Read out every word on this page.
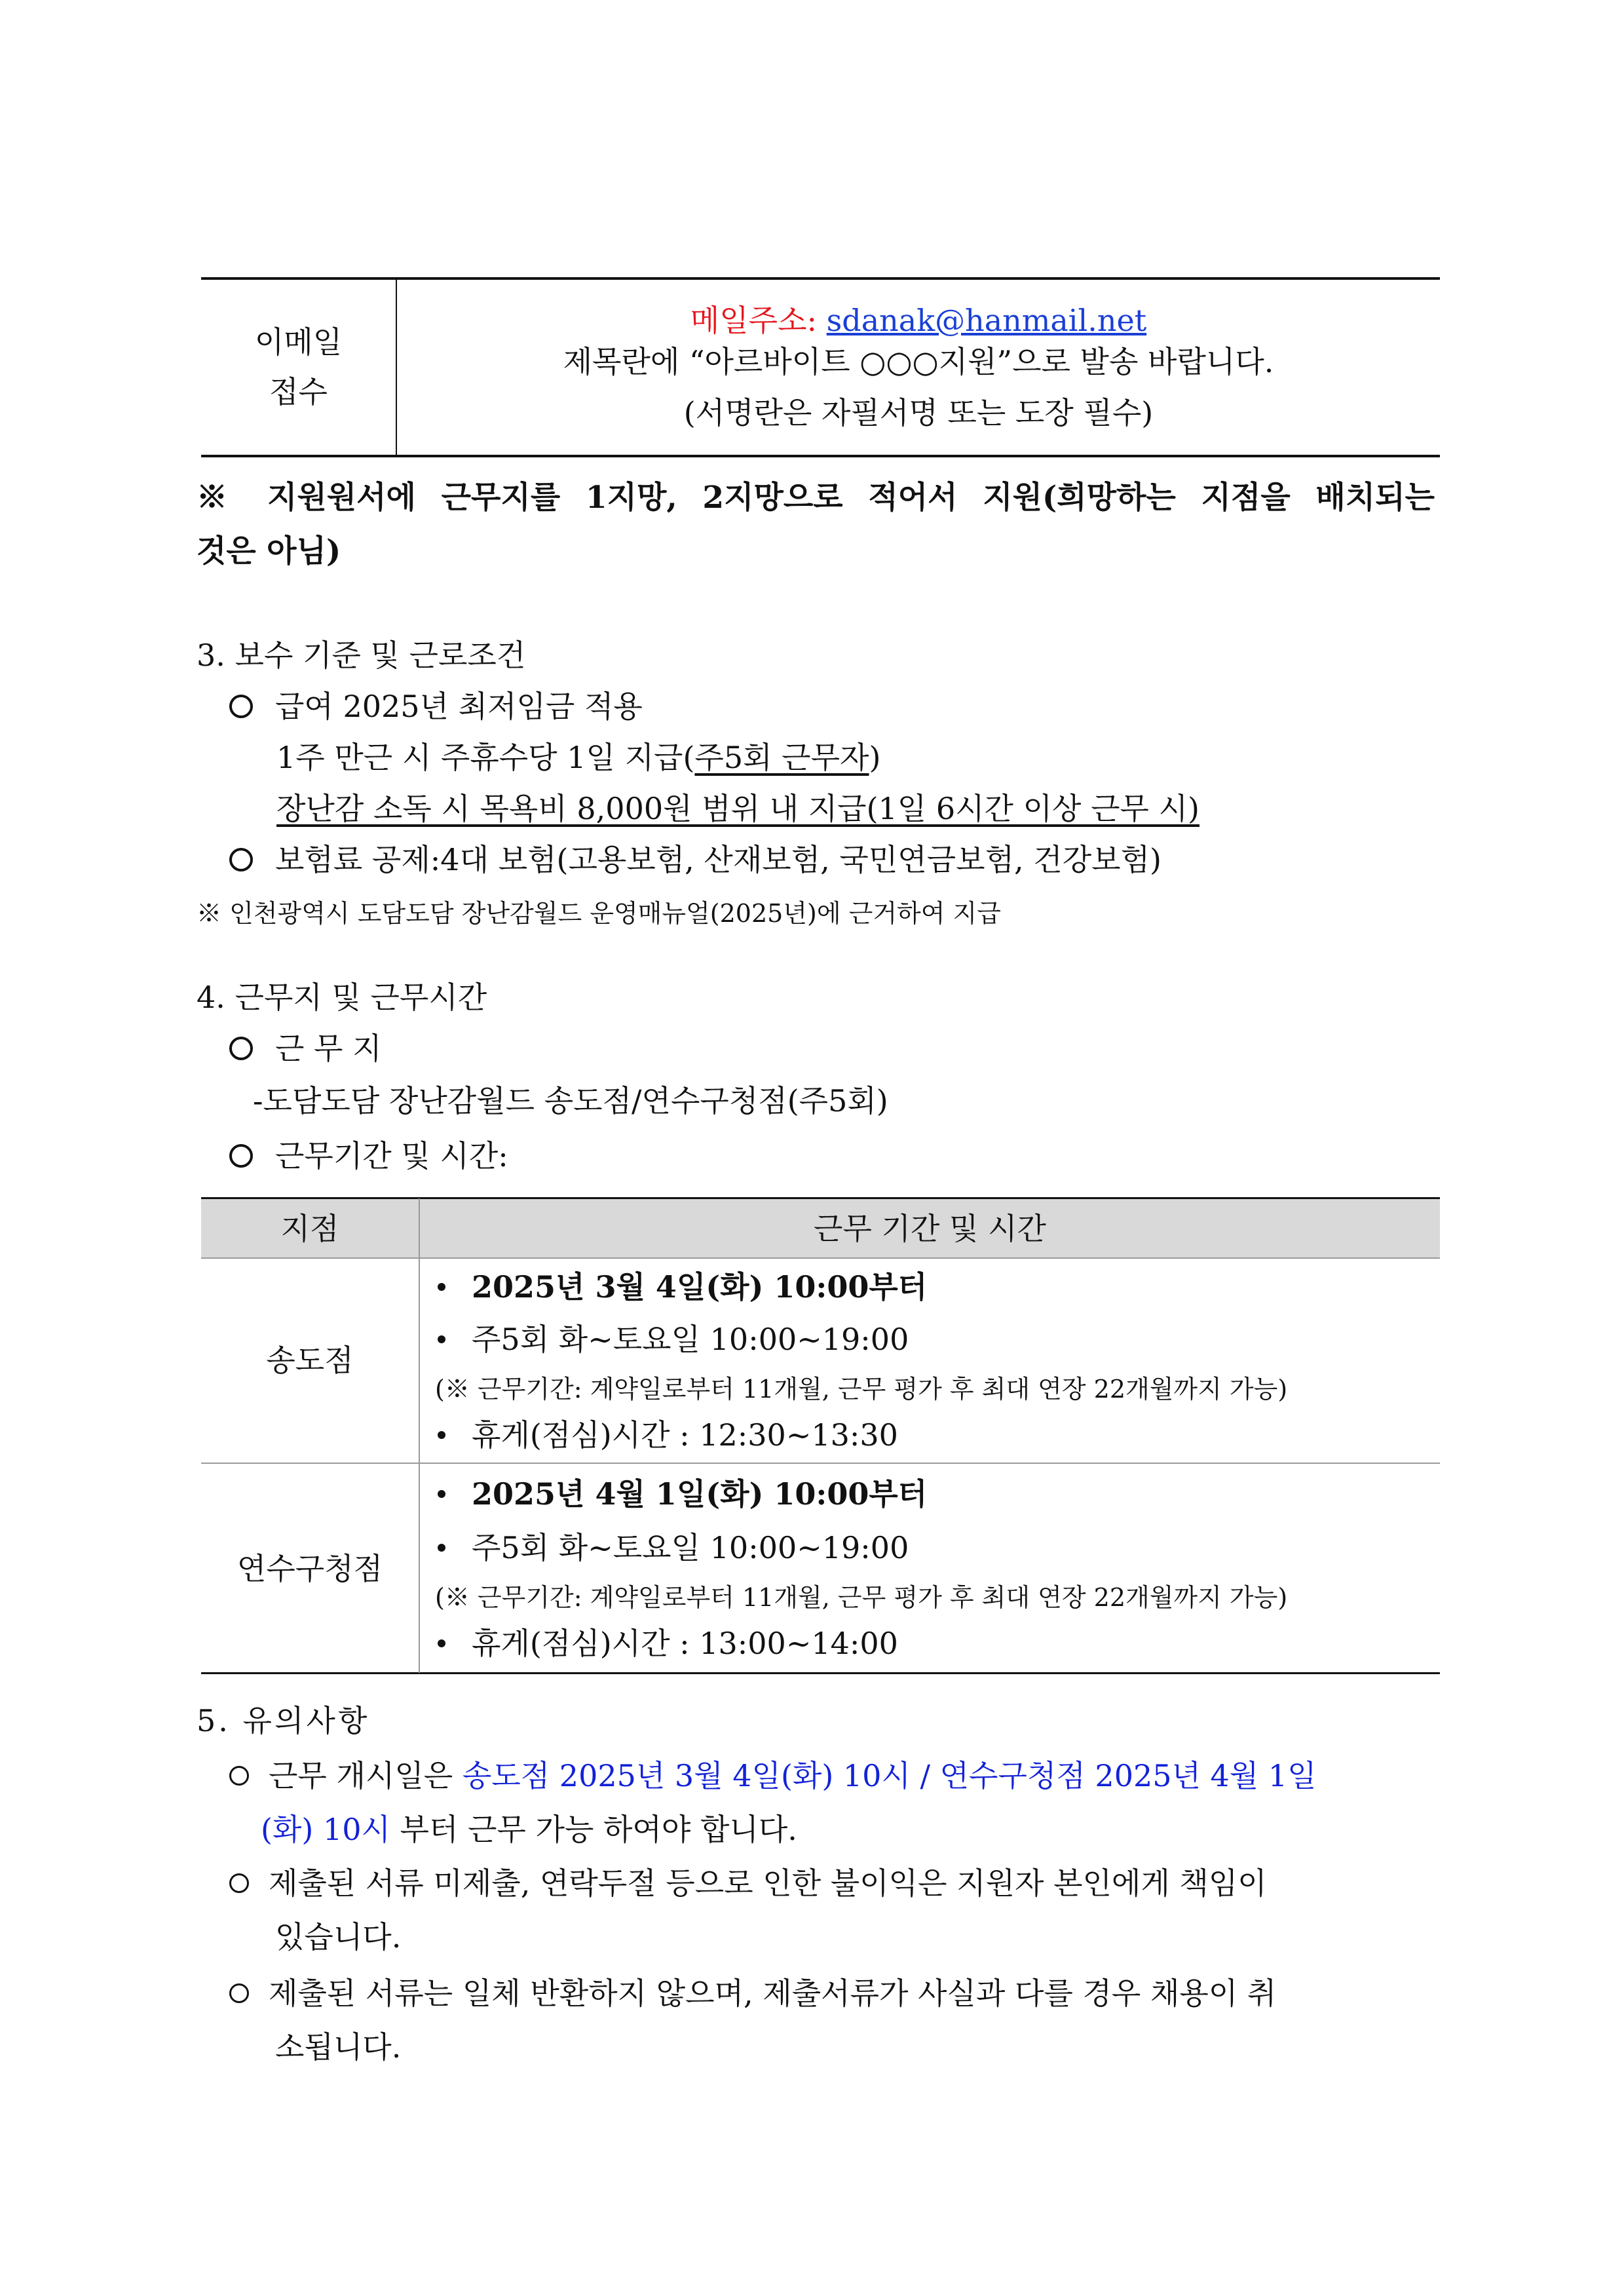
이메일
접수
메일주소: sdanak@hanmail.net
제목란에 “아르바이트 ○○○지원”으로 발송 바랍니다.
(서명란은 자필서명 또는 도장 필수)
※ 지원원서에 근무지를 1지망, 2지망으로 적어서 지원(희망하는 지점을 배치되는
것은 아님)
3. 보수 기준 및 근로조건
급여 2025년 최저임금 적용
1주 만근 시 주휴수당 1일 지급(주5회 근무자)
장난감 소독 시 목욕비 8,000원 범위 내 지급(1일 6시간 이상 근무 시)
보험료 공제:4대 보험(고용보험, 산재보험, 국민연금보험, 건강보험)
※ 인천광역시 도담도담 장난감월드 운영매뉴얼(2025년)에 근거하여 지급
4. 근무지 및 근무시간
근 무 지
-도담도담 장난감월드 송도점/연수구청점(주5회)
근무기간 및 시간:
지점	근무 기간 및 시간
송도점
2025년 3월 4일(화) 10:00부터
주5회 화~토요일 10:00~19:00
(※ 근무기간: 계약일로부터 11개월, 근무 평가 후 최대 연장 22개월까지 가능)
휴게(점심)시간 : 12:30~13:30
연수구청점
2025년 4월 1일(화) 10:00부터
주5회 화~토요일 10:00~19:00
(※ 근무기간: 계약일로부터 11개월, 근무 평가 후 최대 연장 22개월까지 가능)
휴게(점심)시간 : 13:00~14:00
5. 유의사항
근무 개시일은 송도점 2025년 3월 4일(화) 10시 / 연수구청점 2025년 4월 1일
(화) 10시 부터 근무 가능 하여야 합니다.
제출된 서류 미제출, 연락두절 등으로 인한 불이익은 지원자 본인에게 책임이
있습니다.
제출된 서류는 일체 반환하지 않으며, 제출서류가 사실과 다를 경우 채용이 취
소됩니다.
